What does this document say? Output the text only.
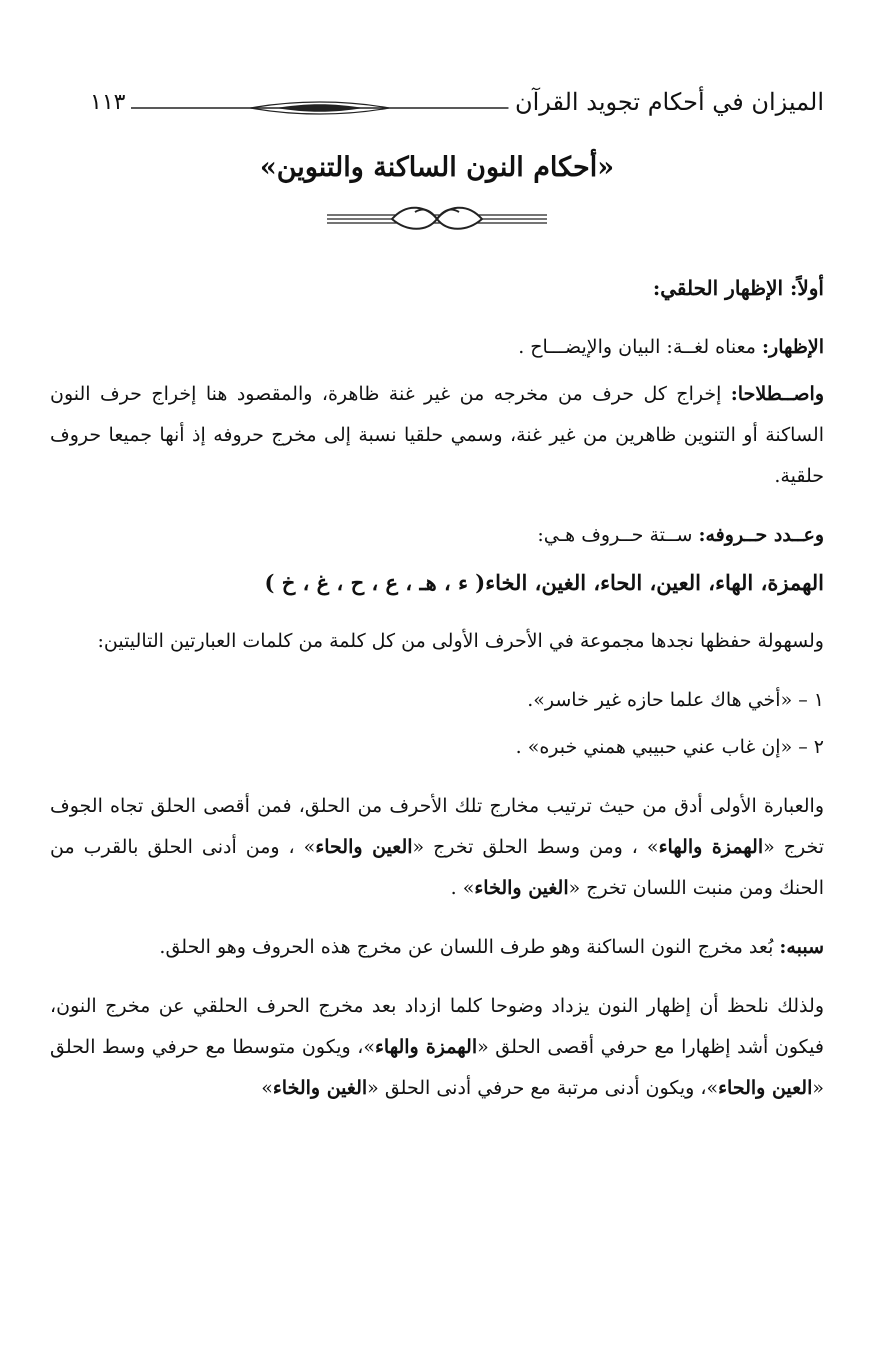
الميزان في أحكام تجويد القرآن
١١٣
«أحكام النون الساكنة والتنوين»

أولاً: الإظهار الحلقي:

الإظهار: معناه لغــة: البيان والإيضـــاح .

واصــطلاحا: إخراج كل حرف من مخرجه من غير غنة ظاهرة، والمقصود هنا إخراج حرف النون الساكنة أو التنوين ظاهرين من غير غنة، وسمي حلقيا نسبة إلى مخرج حروفه إذ أنها جميعا حروف حلقية.

وعــدد حــروفه: ســتة حــروف هـي:

الهمزة، الهاء، العين، الحاء، الغين، الخاء( ء ، هـ ، ع ، ح ، غ ، خ )

ولسهولة حفظها نجدها مجموعة في الأحرف الأولى من كل كلمة من كلمات العبارتين التاليتين:

١ – «أخي هاك علما حازه غير خاسر».

٢ – «إن غاب عني حبيبي همني خبره» .

والعبارة الأولى أدق من حيث ترتيب مخارج تلك الأحرف من الحلق، فمن أقصى الحلق تجاه الجوف تخرج «الهمزة والهاء» ، ومن وسط الحلق تخرج «العين والحاء» ، ومن أدنى الحلق بالقرب من الحنك ومن منبت اللسان تخرج «الغين والخاء» .

سببه: بُعد مخرج النون الساكنة وهو طرف اللسان عن مخرج هذه الحروف وهو الحلق.

ولذلك نلحظ أن إظهار النون يزداد وضوحا كلما ازداد بعد مخرج الحرف الحلقي عن مخرج النون، فيكون أشد إظهارا مع حرفي أقصى الحلق «الهمزة والهاء»، ويكون متوسطا مع حرفي وسط الحلق «العين والحاء»، ويكون أدنى مرتبة مع حرفي أدنى الحلق «الغين والخاء»
